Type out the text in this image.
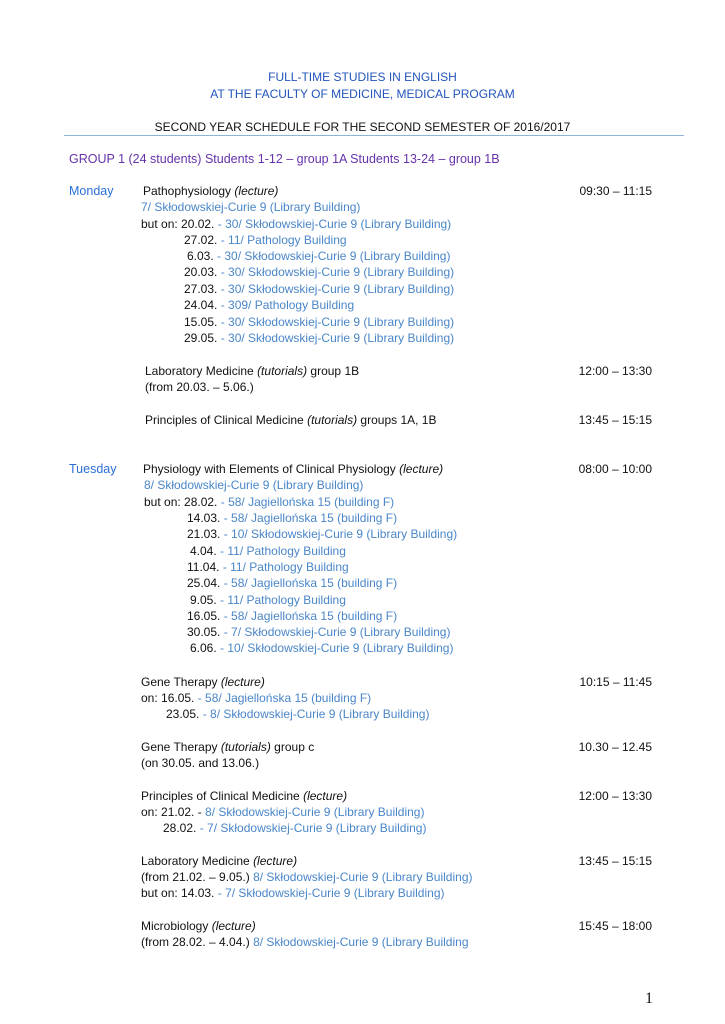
FULL-TIME STUDIES IN ENGLISH
AT THE FACULTY OF MEDICINE, MEDICAL PROGRAM
SECOND YEAR SCHEDULE FOR THE SECOND SEMESTER OF 2016/2017
GROUP 1 (24 students) Students 1-12 – group 1A Students 13-24 – group 1B
Monday Pathophysiology (lecture)	09:30 – 11:15
7/ Skłodowskiej-Curie 9 (Library Building)
but on: 20.02. - 30/ Skłodowskiej-Curie 9 (Library Building)
27.02. - 11/ Pathology Building
6.03. - 30/ Skłodowskiej-Curie 9 (Library Building)
20.03. - 30/ Skłodowskiej-Curie 9 (Library Building)
27.03. - 30/ Skłodowskiej-Curie 9 (Library Building)
24.04. - 309/ Pathology Building
15.05. - 30/ Skłodowskiej-Curie 9 (Library Building)
29.05. - 30/ Skłodowskiej-Curie 9 (Library Building)
Laboratory Medicine (tutorials) group 1B	12:00 – 13:30
(from 20.03. – 5.06.)
Principles of Clinical Medicine (tutorials) groups 1A, 1B	13:45 – 15:15
Tuesday Physiology with Elements of Clinical Physiology (lecture)	08:00 – 10:00
8/ Skłodowskiej-Curie 9 (Library Building)
but on: 28.02. - 58/ Jagiellońska 15 (building F)
14.03. - 58/ Jagiellońska 15 (building F)
21.03. - 10/ Skłodowskiej-Curie 9 (Library Building)
4.04. - 11/ Pathology Building
11.04. - 11/ Pathology Building
25.04. - 58/ Jagiellońska 15 (building F)
9.05. - 11/ Pathology Building
16.05. - 58/ Jagiellońska 15 (building F)
30.05. - 7/ Skłodowskiej-Curie 9 (Library Building)
6.06. - 10/ Skłodowskiej-Curie 9 (Library Building)
Gene Therapy (lecture)	10:15 – 11:45
on: 16.05. - 58/ Jagiellońska 15 (building F)
23.05. - 8/ Skłodowskiej-Curie 9 (Library Building)
Gene Therapy (tutorials) group c	10.30 – 12.45
(on 30.05. and 13.06.)
Principles of Clinical Medicine (lecture)	12:00 – 13:30
on: 21.02. - 8/ Skłodowskiej-Curie 9 (Library Building)
28.02. - 7/ Skłodowskiej-Curie 9 (Library Building)
Laboratory Medicine (lecture)	13:45 – 15:15
(from 21.02. – 9.05.) 8/ Skłodowskiej-Curie 9 (Library Building)
but on: 14.03. - 7/ Skłodowskiej-Curie 9 (Library Building)
Microbiology (lecture)	15:45 – 18:00
(from 28.02. – 4.04.) 8/ Skłodowskiej-Curie 9 (Library Building
1
